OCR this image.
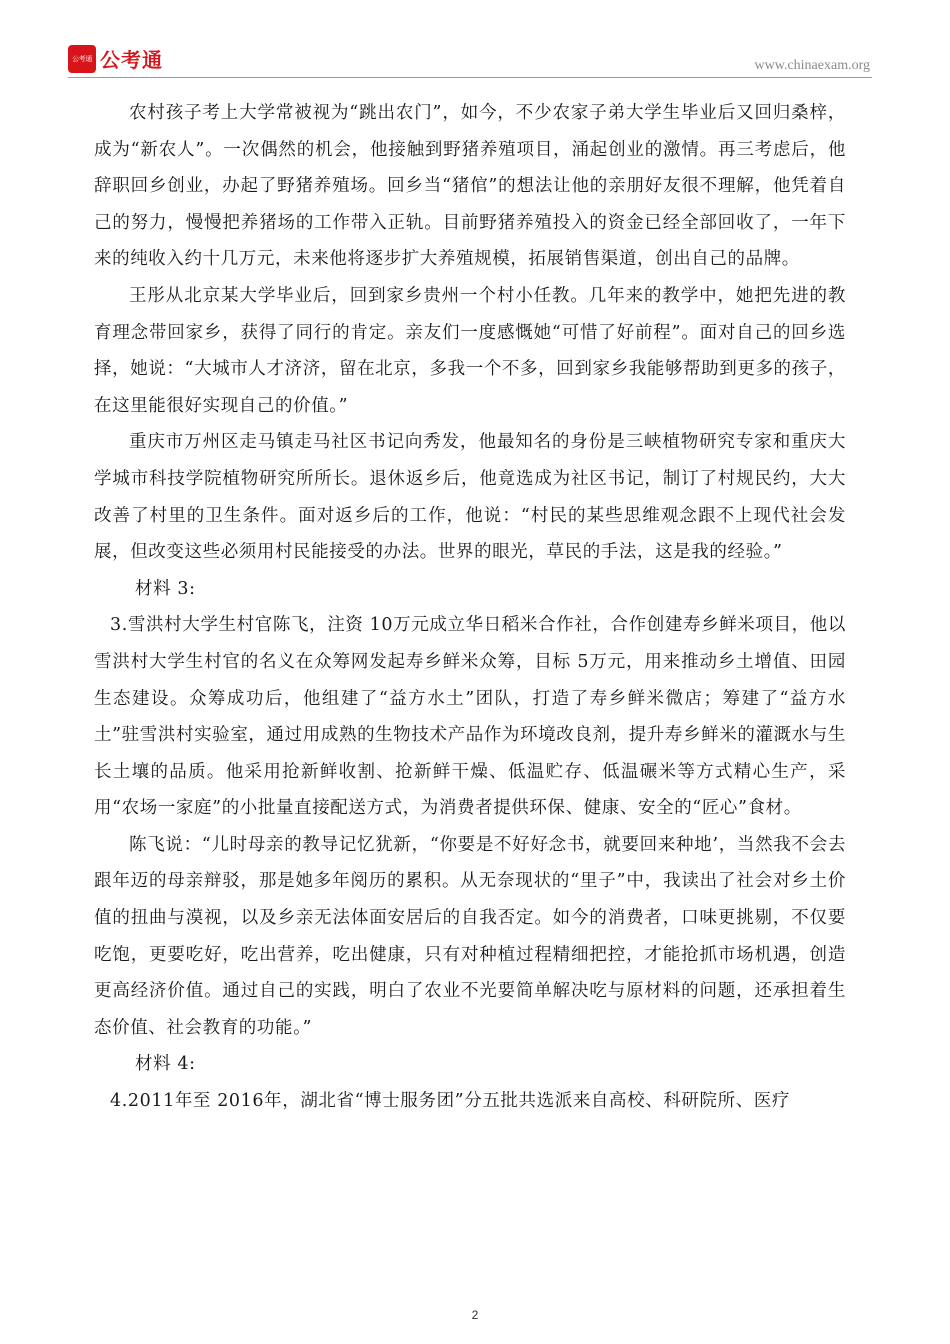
公考通 公考通	www.chinaexam.org

农村孩子考上大学常被视为“跳出农门”，如今，不少农家子弟大学生毕业后又回归桑梓，成为“新农人”。一次偶然的机会，他接触到野猪养殖项目，涌起创业的激情。再三考虑后，他辞职回乡创业，办起了野猪养殖场。回乡当“猪倌”的想法让他的亲朋好友很不理解，他凭着自己的努力，慢慢把养猪场的工作带入正轨。目前野猪养殖投入的资金已经全部回收了，一年下来的纯收入约十几万元，未来他将逐步扩大养殖规模，拓展销售渠道，创出自己的品牌。

王彤从北京某大学毕业后，回到家乡贵州一个村小任教。几年来的教学中，她把先进的教育理念带回家乡，获得了同行的肯定。亲友们一度感慨她“可惜了好前程”。面对自己的回乡选择，她说：“大城市人才济济，留在北京，多我一个不多，回到家乡我能够帮助到更多的孩子，在这里能很好实现自己的价值。”

重庆市万州区走马镇走马社区书记向秀发，他最知名的身份是三峡植物研究专家和重庆大学城市科技学院植物研究所所长。退休返乡后，他竟选成为社区书记，制订了村规民约，大大改善了村里的卫生条件。面对返乡后的工作，他说：“村民的某些思维观念跟不上现代社会发展，但改变这些必须用村民能接受的办法。世界的眼光，草民的手法，这是我的经验。”

材料 3:

3.雪洪村大学生村官陈飞，注资 10万元成立华日稻米合作社，合作创建寿乡鲜米项目，他以雪洪村大学生村官的名义在众筹网发起寿乡鲜米众筹，目标 5万元，用来推动乡土增值、田园生态建设。众筹成功后，他组建了“益方水土”团队，打造了寿乡鲜米微店；筹建了“益方水土”驻雪洪村实验室，通过用成熟的生物技术产品作为环境改良剂，提升寿乡鲜米的灌溉水与生长土壤的品质。他采用抢新鲜收割、抢新鲜干燥、低温贮存、低温碾米等方式精心生产，采用“农场一家庭”的小批量直接配送方式，为消费者提供环保、健康、安全的“匠心”食材。

陈飞说：“儿时母亲的教导记忆犹新，“你要是不好好念书，就要回来种地’，当然我不会去跟年迈的母亲辩驳，那是她多年阅历的累积。从无奈现状的“里子”中，我读出了社会对乡土价值的扭曲与漠视，以及乡亲无法体面安居后的自我否定。如今的消费者，口味更挑剔，不仅要吃饱，更要吃好，吃出营养，吃出健康，只有对种植过程精细把控，才能抢抓市场机遇，创造更高经济价值。通过自己的实践，明白了农业不光要简单解决吃与原材料的问题，还承担着生态价值、社会教育的功能。”

材料 4:

4.2011年至 2016年，湖北省“博士服务团”分五批共选派来自高校、科研院所、医疗

2
